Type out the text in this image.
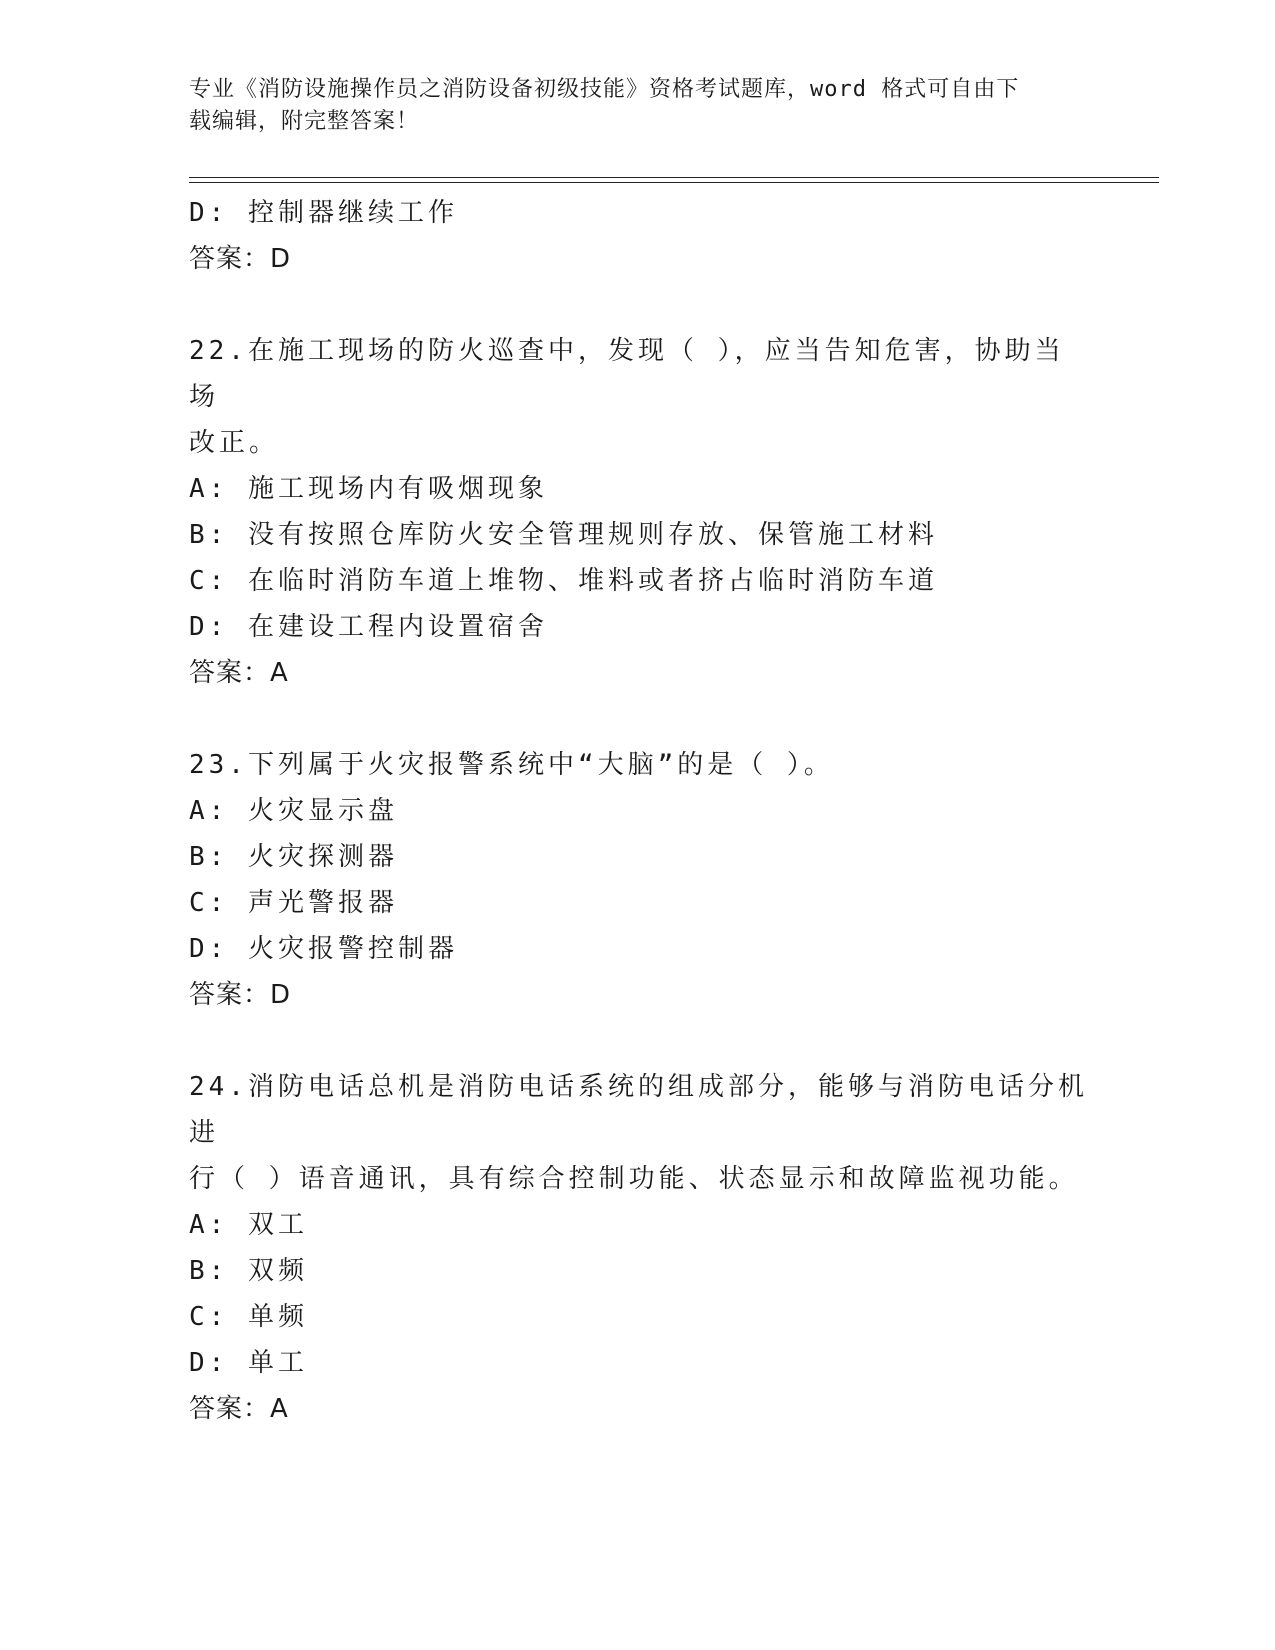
专业《消防设施操作员之消防设备初级技能》资格考试题库，word 格式可自由下
载编辑，附完整答案！
D: 控制器继续工作
答案：D
22.在施工现场的防火巡查中，发现（ ），应当告知危害，协助当场
改正。
A: 施工现场内有吸烟现象
B: 没有按照仓库防火安全管理规则存放、保管施工材料
C: 在临时消防车道上堆物、堆料或者挤占临时消防车道
D: 在建设工程内设置宿舍
答案：A
23.下列属于火灾报警系统中“大脑”的是（ ）。
A: 火灾显示盘
B: 火灾探测器
C: 声光警报器
D: 火灾报警控制器
答案：D
24.消防电话总机是消防电话系统的组成部分，能够与消防电话分机进
行（ ）语音通讯，具有综合控制功能、状态显示和故障监视功能。
A: 双工
B: 双频
C: 单频
D: 单工
答案：A
